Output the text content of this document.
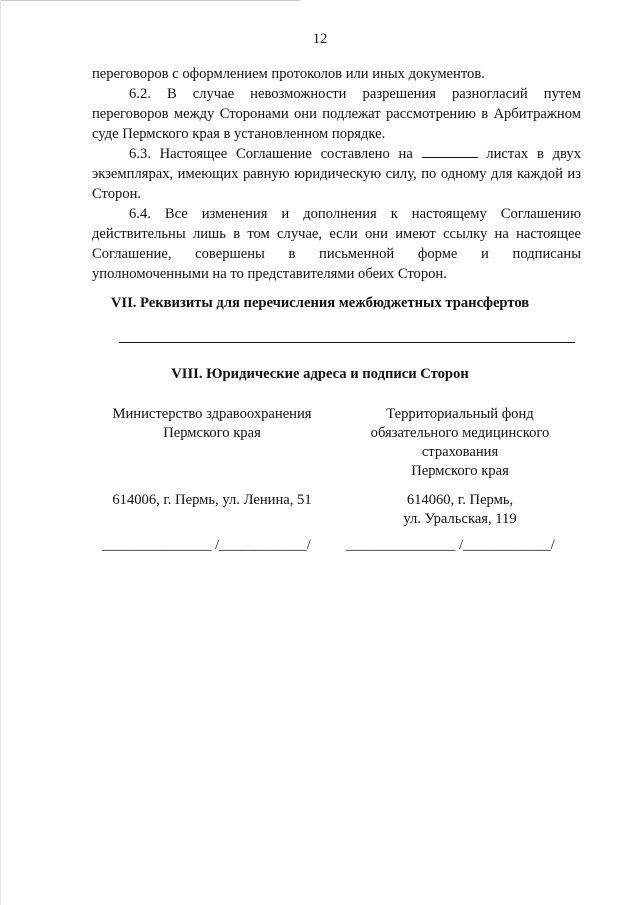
12

переговоров с оформлением протоколов или иных документов.

6.2. В случае невозможности разрешения разногласий путем переговоров между Сторонами они подлежат рассмотрению в Арбитражном суде Пермского края в установленном порядке.

6.3. Настоящее Соглашение составлено на	листах в двух экземплярах, имеющих равную юридическую силу, по одному для каждой из Сторон.

6.4. Все изменения и дополнения к настоящему Соглашению действительны лишь в том случае, если они имеют ссылку на настоящее Соглашение, совершены в письменной форме и подписаны уполномоченными на то представителями обеих Сторон.

VII. Реквизиты для перечисления межбюджетных трансфертов
VIII. Юридические адреса и подписи Сторон
Министерство здравоохранения
Пермского края
Территориальный фонд
обязательного медицинского
страхования
Пермского края
614006, г. Пермь, ул. Ленина, 51	614060, г. Пермь,
ул. Уральская, 119
_______________ /____________/ _______________ /____________/
